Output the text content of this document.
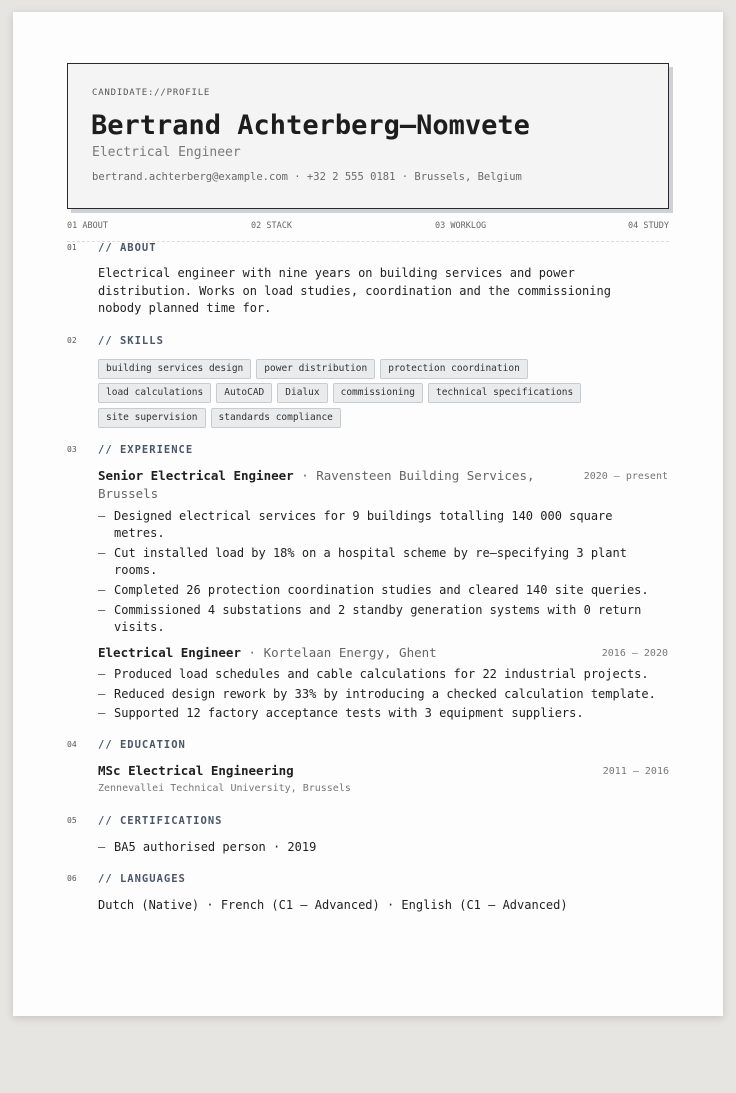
CANDIDATE://PROFILE
Bertrand Achterberg—Nomvete
Electrical Engineer
bertrand.achterberg@example.com · +32 2 555 0181 · Brussels, Belgium
01 ABOUT	02 STACK	03 WORKLOG	04 STUDY
01 // ABOUT
Electrical engineer with nine years on building services and power
distribution. Works on load studies, coordination and the commissioning
nobody planned time for.
02 // SKILLS
building services design	power distribution	protection coordination
load calculations	AutoCAD	Dialux	commissioning	technical specifications
site supervision	standards compliance
03 // EXPERIENCE
Senior Electrical Engineer · Ravensteen Building Services,
Brussels
2020 – present
– Designed electrical services for 9 buildings totalling 140 000 square
metres.
– Cut installed load by 18% on a hospital scheme by re–specifying 3 plant
rooms.
– Completed 26 protection coordination studies and cleared 140 site queries.
– Commissioned 4 substations and 2 standby generation systems with 0 return
visits.
Electrical Engineer · Kortelaan Energy, Ghent	2016 – 2020
– Produced load schedules and cable calculations for 22 industrial projects.
– Reduced design rework by 33% by introducing a checked calculation template.
– Supported 12 factory acceptance tests with 3 equipment suppliers.
04 // EDUCATION
MSc Electrical Engineering	2011 – 2016
Zennevallei Technical University, Brussels
05 // CERTIFICATIONS
– BA5 authorised person · 2019
06 // LANGUAGES
Dutch (Native) · French (C1 – Advanced) · English (C1 – Advanced)
